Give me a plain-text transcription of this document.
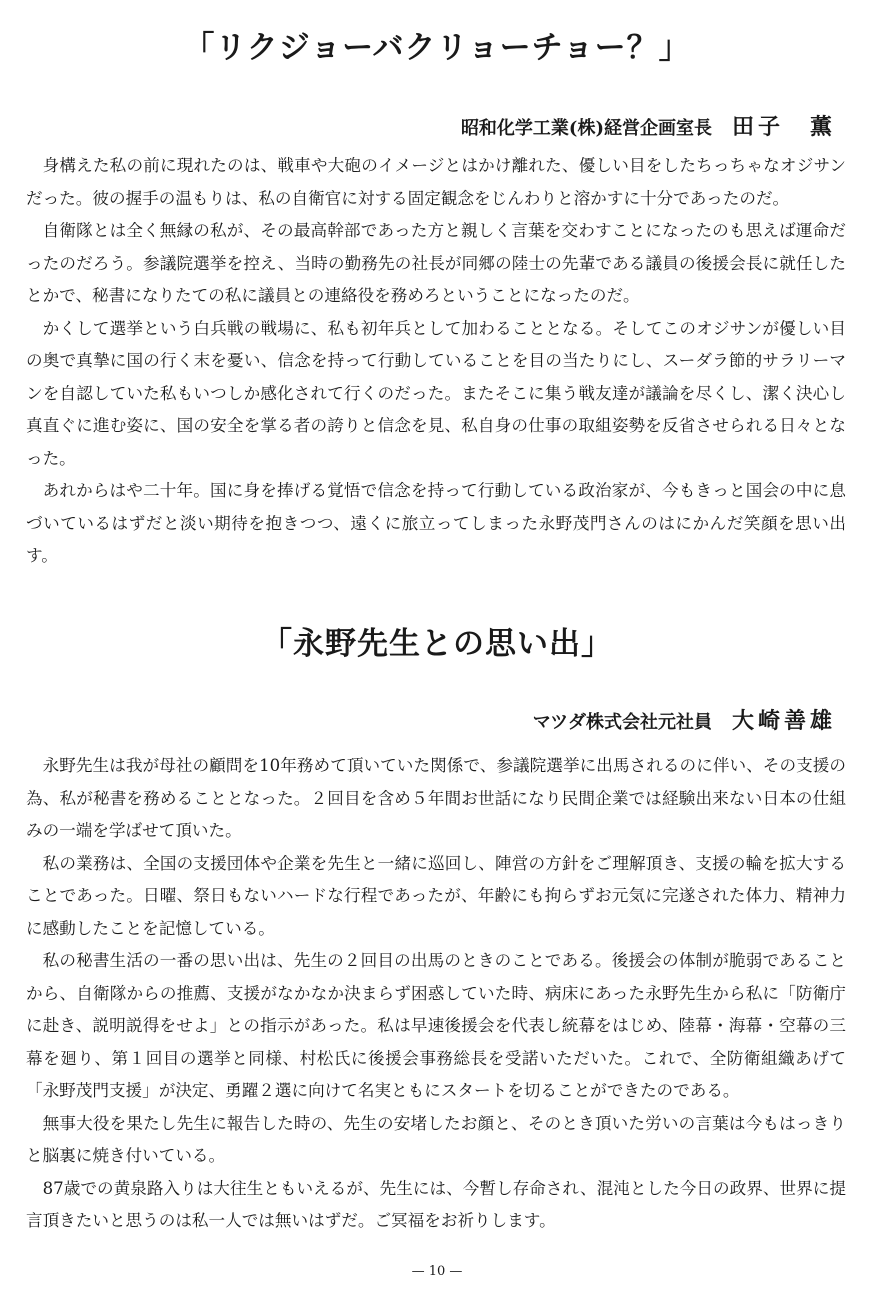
「リクジョーバクリョーチョー？」
昭和化学工業(株)経営企画室長 田子　薫

身構えた私の前に現れたのは、戦車や大砲のイメージとはかけ離れた、優しい目をしたちっちゃなオジサンだった。彼の握手の温もりは、私の自衛官に対する固定観念をじんわりと溶かすに十分であったのだ。

自衛隊とは全く無縁の私が、その最高幹部であった方と親しく言葉を交わすことになったのも思えば運命だったのだろう。参議院選挙を控え、当時の勤務先の社長が同郷の陸士の先輩である議員の後援会長に就任したとかで、秘書になりたての私に議員との連絡役を務めろということになったのだ。

かくして選挙という白兵戦の戦場に、私も初年兵として加わることとなる。そしてこのオジサンが優しい目の奥で真摯に国の行く末を憂い、信念を持って行動していることを目の当たりにし、スーダラ節的サラリーマンを自認していた私もいつしか感化されて行くのだった。またそこに集う戦友達が議論を尽くし、潔く決心し真直ぐに進む姿に、国の安全を掌る者の誇りと信念を見、私自身の仕事の取組姿勢を反省させられる日々となった。

あれからはや二十年。国に身を捧げる覚悟で信念を持って行動している政治家が、今もきっと国会の中に息づいているはずだと淡い期待を抱きつつ、遠くに旅立ってしまった永野茂門さんのはにかんだ笑顔を思い出す。

「永野先生との思い出」
マツダ株式会社元社員 大崎善雄

永野先生は我が母社の顧問を10年務めて頂いていた関係で、参議院選挙に出馬されるのに伴い、その支援の為、私が秘書を務めることとなった。２回目を含め５年間お世話になり民間企業では経験出来ない日本の仕組みの一端を学ばせて頂いた。

私の業務は、全国の支援団体や企業を先生と一緒に巡回し、陣営の方針をご理解頂き、支援の輪を拡大することであった。日曜、祭日もないハードな行程であったが、年齢にも拘らずお元気に完遂された体力、精神力に感動したことを記憶している。

私の秘書生活の一番の思い出は、先生の２回目の出馬のときのことである。後援会の体制が脆弱であることから、自衛隊からの推薦、支援がなかなか決まらず困惑していた時、病床にあった永野先生から私に「防衛庁に赴き、説明説得をせよ」との指示があった。私は早速後援会を代表し統幕をはじめ、陸幕・海幕・空幕の三幕を廻り、第１回目の選挙と同様、村松氏に後援会事務総長を受諾いただいた。これで、全防衛組織あげて「永野茂門支援」が決定、勇躍２選に向けて名実ともにスタートを切ることができたのである。

無事大役を果たし先生に報告した時の、先生の安堵したお顔と、そのとき頂いた労いの言葉は今もはっきりと脳裏に焼き付いている。

87歳での黄泉路入りは大往生ともいえるが、先生には、今暫し存命され、混沌とした今日の政界、世界に提言頂きたいと思うのは私一人では無いはずだ。ご冥福をお祈りします。

— 10 —
